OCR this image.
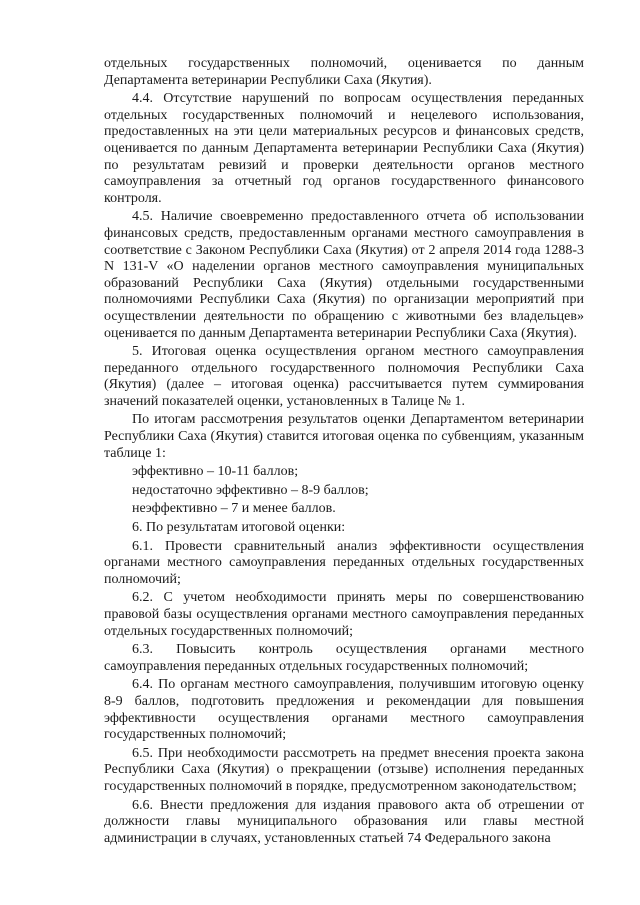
отдельных государственных полномочий, оценивается по данным Департамента ветеринарии Республики Саха (Якутия).

4.4. Отсутствие нарушений по вопросам осуществления переданных отдельных государственных полномочий и нецелевого использования, предоставленных на эти цели материальных ресурсов и финансовых средств, оценивается по данным Департамента ветеринарии Республики Саха (Якутия) по результатам ревизий и проверки деятельности органов местного самоуправления за отчетный год органов государственного финансового контроля.

4.5. Наличие своевременно предоставленного отчета об использовании финансовых средств, предоставленным органами местного самоуправления в соответствие с Законом Республики Саха (Якутия) от 2 апреля 2014 года 1288-3 N 131-V «О наделении органов местного самоуправления муниципальных образований Республики Саха (Якутия) отдельными государственными полномочиями Республики Саха (Якутия) по организации мероприятий при осуществлении деятельности по обращению с животными без владельцев» оценивается по данным Департамента ветеринарии Республики Саха (Якутия).

5. Итоговая оценка осуществления органом местного самоуправления переданного отдельного государственного полномочия Республики Саха (Якутия) (далее – итоговая оценка) рассчитывается путем суммирования значений показателей оценки, установленных в Талице № 1.

По итогам рассмотрения результатов оценки Департаментом ветеринарии Республики Саха (Якутия) ставится итоговая оценка по субвенциям, указанным таблице 1:

эффективно – 10-11 баллов;

недостаточно эффективно – 8-9 баллов;

неэффективно – 7 и менее баллов.

6. По результатам итоговой оценки:

6.1. Провести сравнительный анализ эффективности осуществления органами местного самоуправления переданных отдельных государственных полномочий;

6.2. С учетом необходимости принять меры по совершенствованию правовой базы осуществления органами местного самоуправления переданных отдельных государственных полномочий;

6.3. Повысить контроль осуществления органами местного самоуправления переданных отдельных государственных полномочий;

6.4. По органам местного самоуправления, получившим итоговую оценку 8-9 баллов, подготовить предложения и рекомендации для повышения эффективности осуществления органами местного самоуправления государственных полномочий;

6.5. При необходимости рассмотреть на предмет внесения проекта закона Республики Саха (Якутия) о прекращении (отзыве) исполнения переданных государственных полномочий в порядке, предусмотренном законодательством;

6.6. Внести предложения для издания правового акта об отрешении от должности главы муниципального образования или главы местной администрации в случаях, установленных статьей 74 Федерального закона
